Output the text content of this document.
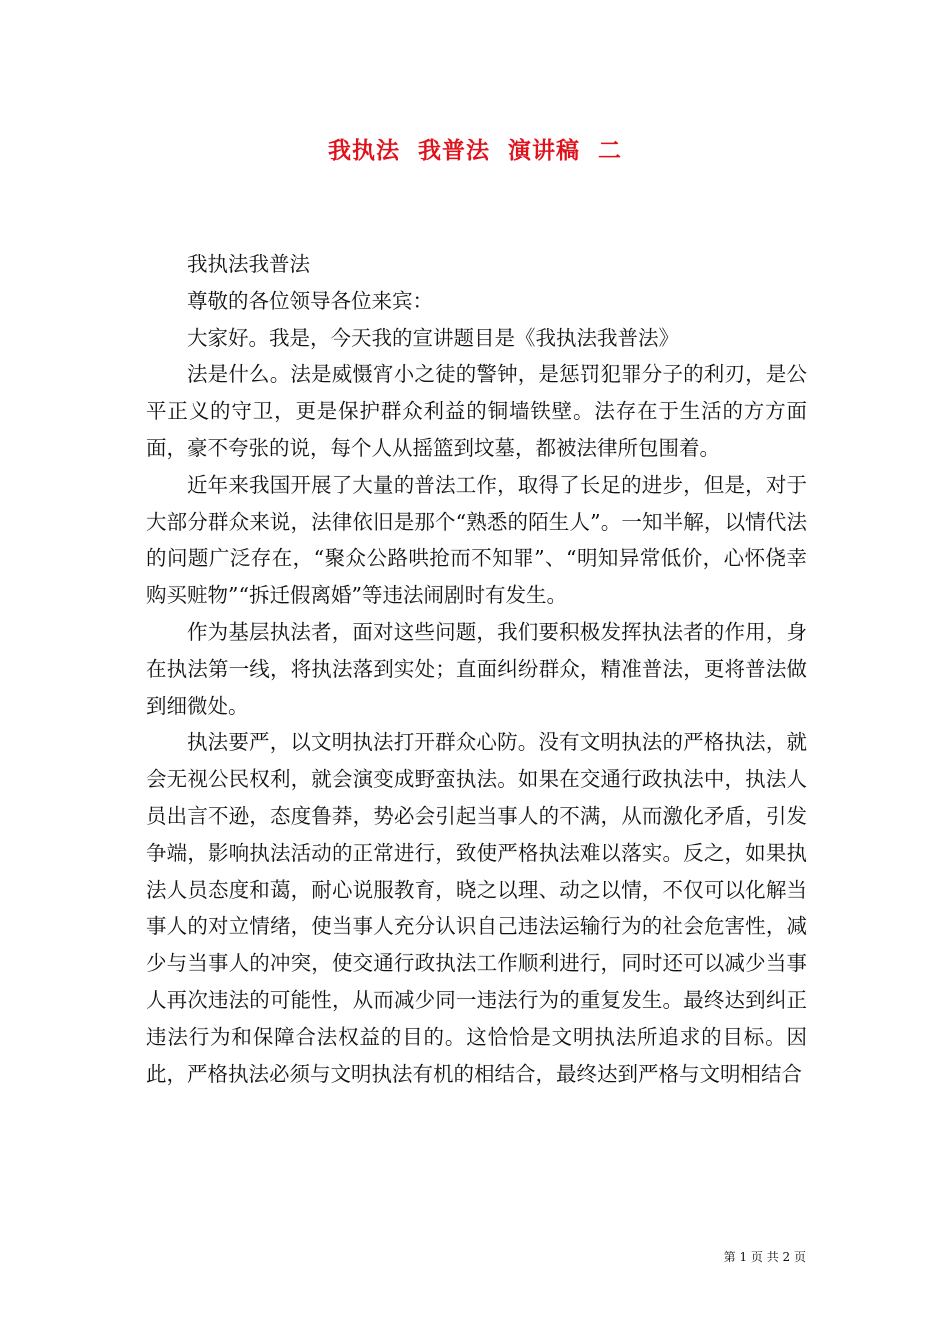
我执法  我普法  演讲稿  二

我执法我普法

尊敬的各位领导各位来宾：

大家好。我是，今天我的宣讲题目是《我执法我普法》

法是什么。法是威慑宵小之徒的警钟，是惩罚犯罪分子的利刃，是公平正义的守卫，更是保护群众利益的铜墙铁壁。法存在于生活的方方面面，豪不夸张的说，每个人从摇篮到坟墓，都被法律所包围着。

近年来我国开展了大量的普法工作，取得了长足的进步，但是，对于大部分群众来说，法律依旧是那个“熟悉的陌生人”。一知半解，以情代法的问题广泛存在，“聚众公路哄抢而不知罪”、“明知异常低价，心怀侥幸购买赃物”“拆迁假离婚”等违法闹剧时有发生。

作为基层执法者，面对这些问题，我们要积极发挥执法者的作用，身在执法第一线，将执法落到实处；直面纠纷群众，精准普法，更将普法做到细微处。

执法要严，以文明执法打开群众心防。没有文明执法的严格执法，就会无视公民权利，就会演变成野蛮执法。如果在交通行政执法中，执法人员出言不逊，态度鲁莽，势必会引起当事人的不满，从而激化矛盾，引发争端，影响执法活动的正常进行，致使严格执法难以落实。反之，如果执法人员态度和蔼，耐心说服教育，晓之以理、动之以情，不仅可以化解当事人的对立情绪，使当事人充分认识自己违法运输行为的社会危害性，减少与当事人的冲突，使交通行政执法工作顺利进行，同时还可以减少当事人再次违法的可能性，从而减少同一违法行为的重复发生。最终达到纠正违法行为和保障合法权益的目的。这恰恰是文明执法所追求的目标。因此，严格执法必须与文明执法有机的相结合，最终达到严格与文明相结合

第 1 页 共 2 页
